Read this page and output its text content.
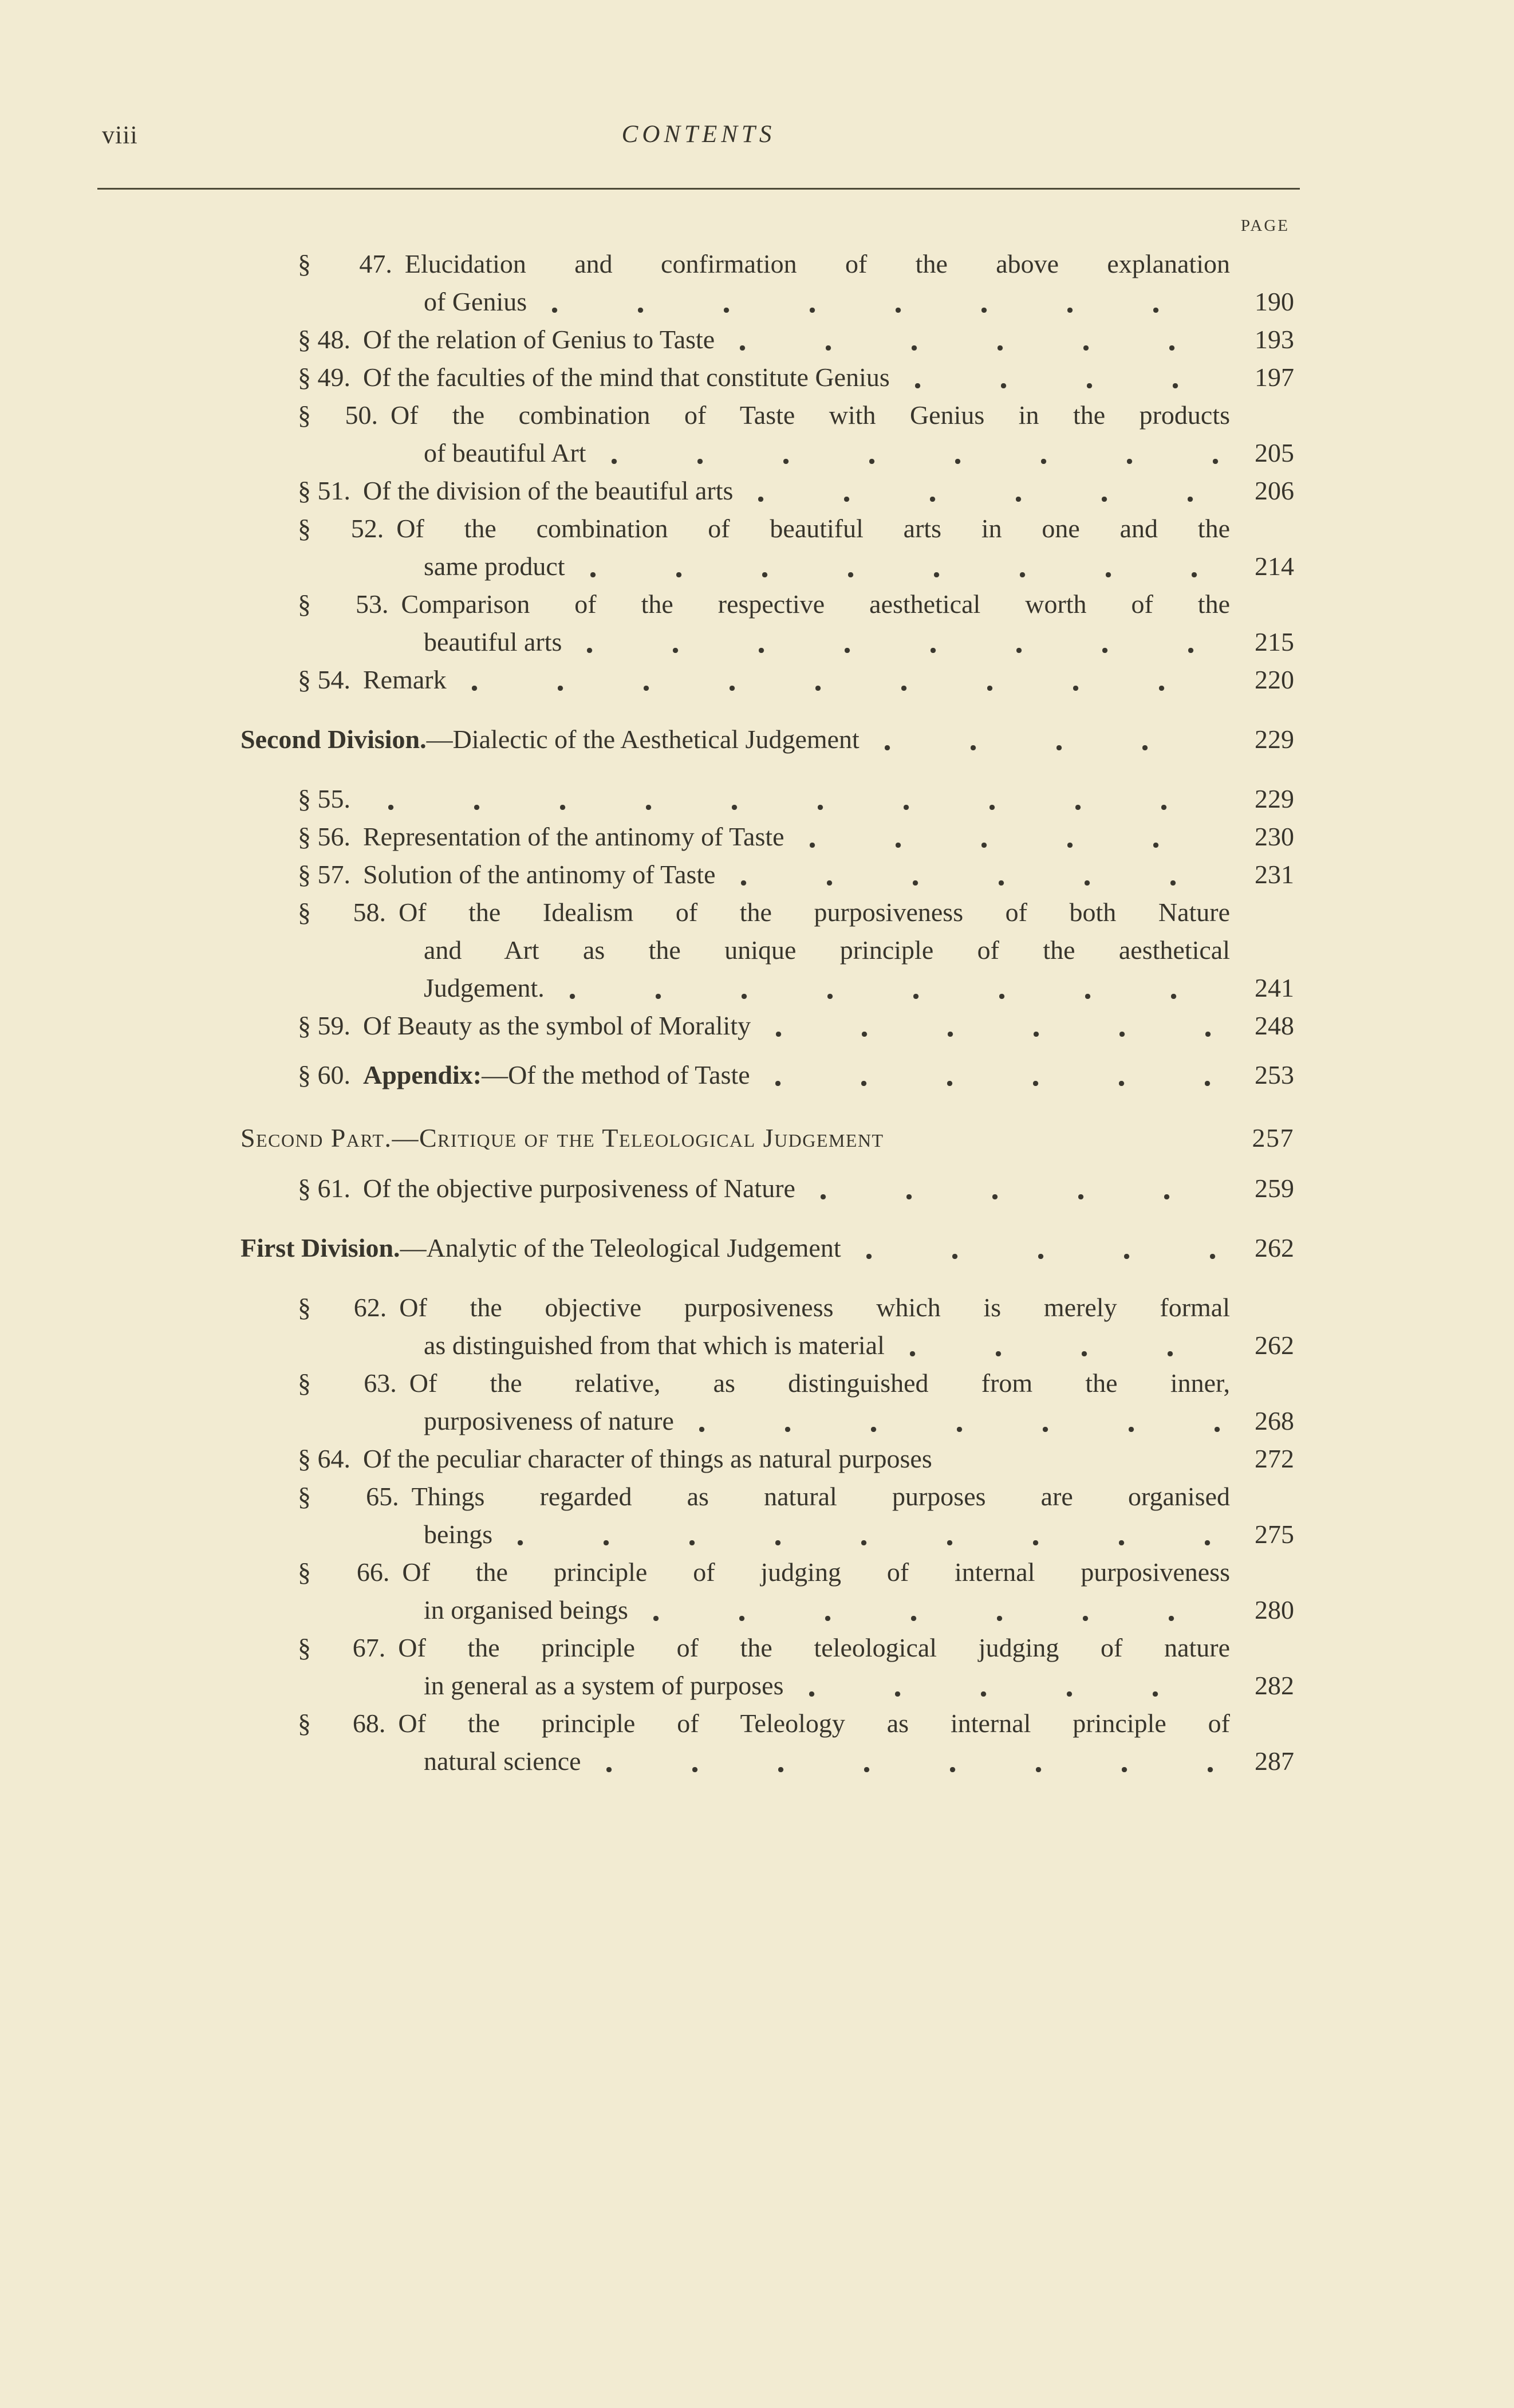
viii	CONTENTS
PAGE
§ 47. Elucidation and confirmation of the above explanation
of Genius	190
§ 48. Of the relation of Genius to Taste	193
§ 49. Of the faculties of the mind that constitute Genius	197
§ 50. Of the combination of Taste with Genius in the products
of beautiful Art	205
§ 51. Of the division of the beautiful arts	206
§ 52. Of the combination of beautiful arts in one and the
same product	214
§ 53. Comparison of the respective aesthetical worth of the
beautiful arts	215
§ 54. Remark	220
Second Division. —Dialectic of the Aesthetical Judgement	229
§ 55.	229
§ 56. Representation of the antinomy of Taste	230
§ 57. Solution of the antinomy of Taste	231
§ 58. Of the Idealism of the purposiveness of both Nature
and Art as the unique principle of the aesthetical
Judgement.	241
§ 59. Of Beauty as the symbol of Morality	248
§ 60. Appendix: —Of the method of Taste	253
Second Part.—Critique of the Teleological Judgement	257
§ 61. Of the objective purposiveness of Nature	259
First Division. —Analytic of the Teleological Judgement	262
§ 62. Of the objective purposiveness which is merely formal
as distinguished from that which is material	262
§ 63. Of the relative, as distinguished from the inner,
purposiveness of nature	268
§ 64. Of the peculiar character of things as natural purposes	272
§ 65. Things regarded as natural purposes are organised
beings	275
§ 66. Of the principle of judging of internal purposiveness
in organised beings	280
§ 67. Of the principle of the teleological judging of nature
in general as a system of purposes	282
§ 68. Of the principle of Teleology as internal principle of
natural science	287
